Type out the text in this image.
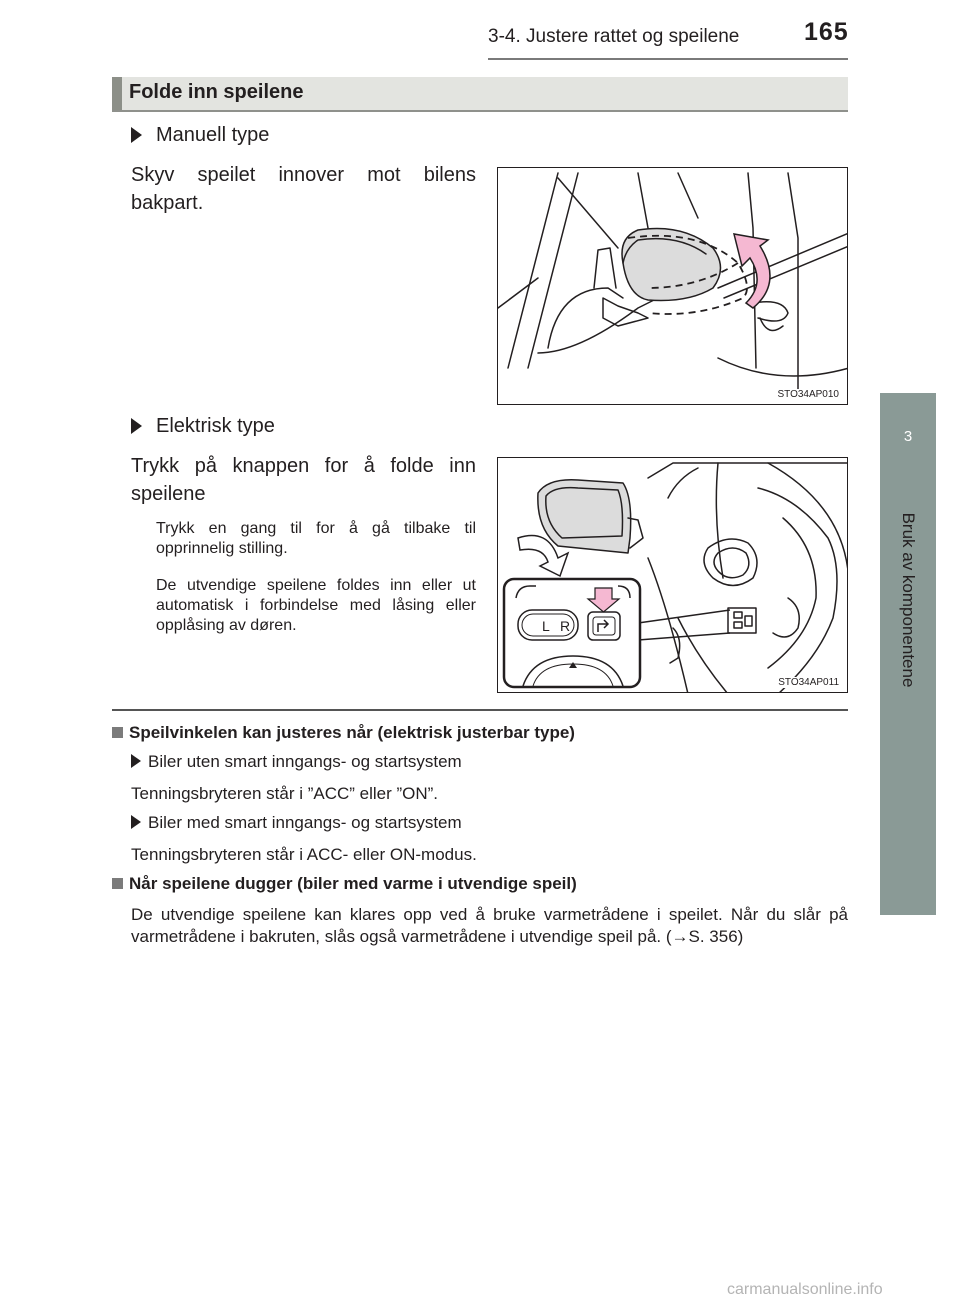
3-4. Justere rattet og speilene	165
3
Bruk av komponentene
Folde inn speilene
Manuell type
Skyv speilet innover mot bilens bakpart.
STO34AP010
Elektrisk type
Trykk på knappen for å folde inn speilene
Trykk en gang til for å gå tilbake til opprinnelig stilling.
De utvendige speilene foldes inn eller ut automatisk i forbindelse med låsing eller opplåsing av døren.	L R
STO34AP011
Speilvinkelen kan justeres når (elektrisk justerbar type)
Biler uten smart inngangs- og startsystem
Tenningsbryteren står i ”ACC” eller ”ON”.
Biler med smart inngangs- og startsystem
Tenningsbryteren står i ACC- eller ON-modus.
Når speilene dugger (biler med varme i utvendige speil)
De utvendige speilene kan klares opp ved å bruke varmetrådene i speilet. Når du slår på varmetrådene i bakruten, slås også varmetrådene i utvendige speil på. (→S. 356)
carmanualsonline.info
